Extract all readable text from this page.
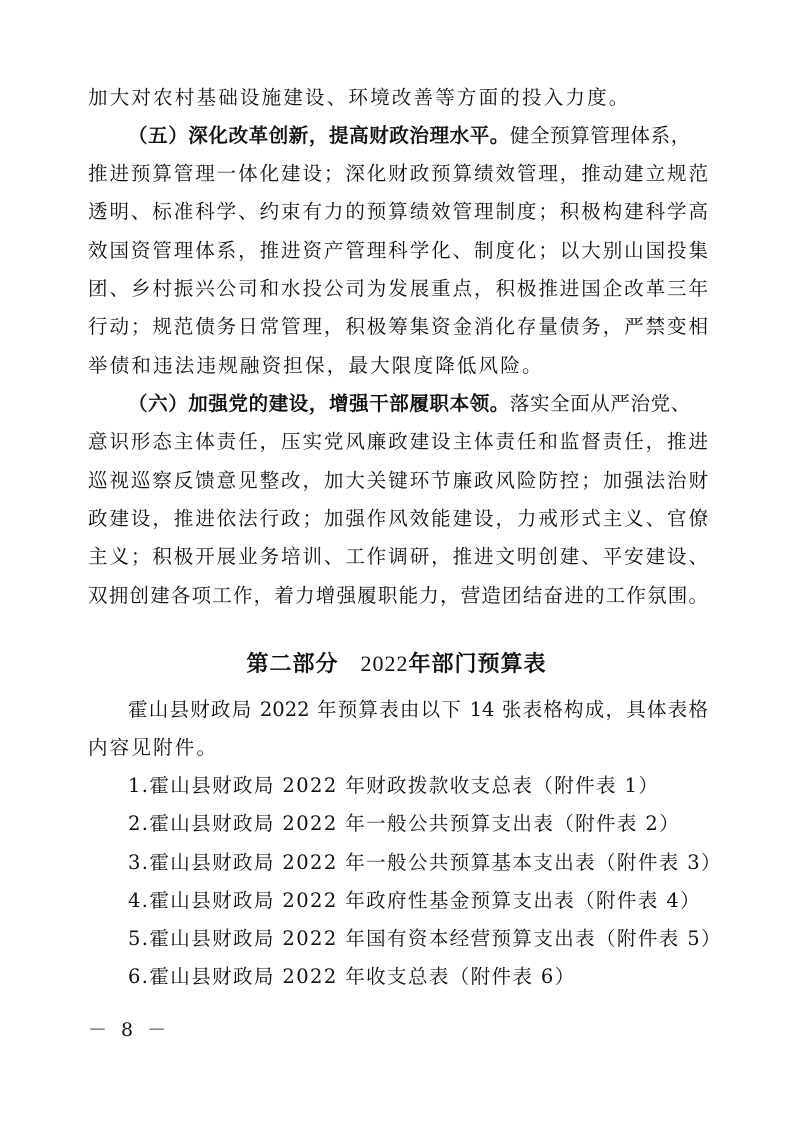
加大对农村基础设施建设、环境改善等方面的投入力度。
（五）深化改革创新，提高财政治理水平。健全预算管理体系，
推进预算管理一体化建设；深化财政预算绩效管理，推动建立规范
透明、标准科学、约束有力的预算绩效管理制度；积极构建科学高
效国资管理体系，推进资产管理科学化、制度化；以大别山国投集
团、乡村振兴公司和水投公司为发展重点，积极推进国企改革三年
行动；规范债务日常管理，积极筹集资金消化存量债务，严禁变相
举债和违法违规融资担保，最大限度降低风险。
（六）加强党的建设，增强干部履职本领。落实全面从严治党、
意识形态主体责任，压实党风廉政建设主体责任和监督责任，推进
巡视巡察反馈意见整改，加大关键环节廉政风险防控；加强法治财
政建设，推进依法行政；加强作风效能建设，力戒形式主义、官僚
主义；积极开展业务培训、工作调研，推进文明创建、平安建设、
双拥创建各项工作，着力增强履职能力，营造团结奋进的工作氛围。
第二部分 2022年部门预算表
霍山县财政局 2022 年预算表由以下 14 张表格构成，具体表格
内容见附件。
1.霍山县财政局 2022 年财政拨款收支总表（附件表 1）
2.霍山县财政局 2022 年一般公共预算支出表（附件表 2）
3.霍山县财政局 2022 年一般公共预算基本支出表（附件表 3）
4.霍山县财政局 2022 年政府性基金预算支出表（附件表 4）
5.霍山县财政局 2022 年国有资本经营预算支出表（附件表 5）
6.霍山县财政局 2022 年收支总表（附件表 6）
－ 8 －
